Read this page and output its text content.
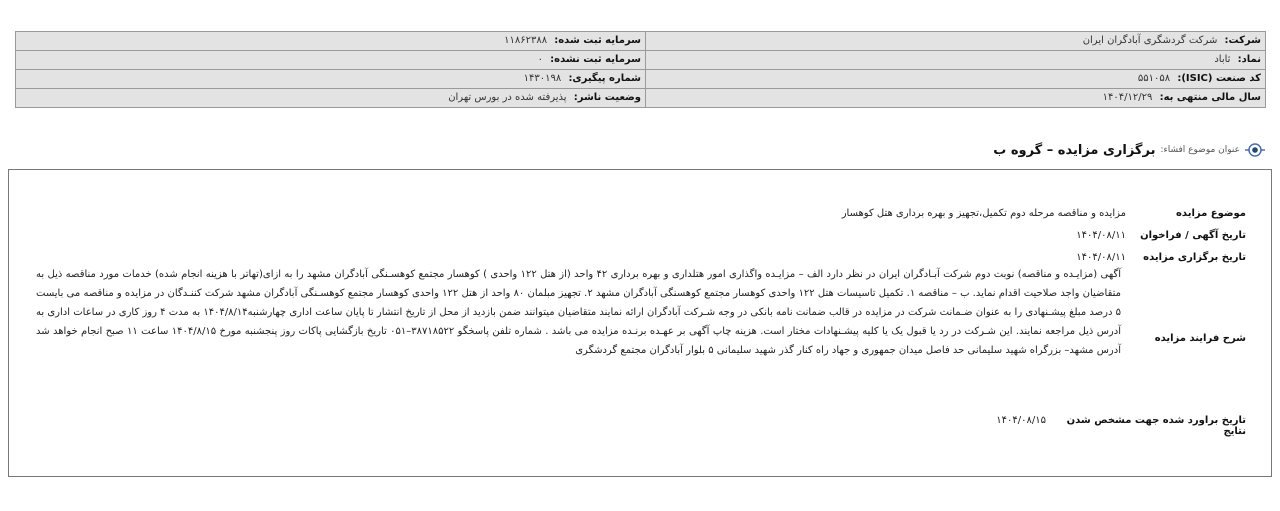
شرکت: شرکت گردشگری آبادگران ایران	سرمایه ثبت شده: ۱۱۸۶۲۳۸۸
نماد: ثاباد	سرمایه ثبت نشده: ۰
کد صنعت (ISIC): ۵۵۱۰۵۸	شماره پیگیری: ۱۴۳۰۱۹۸
سال مالی منتهی به: ۱۴۰۴/۱۲/۲۹	وضعیت ناشر: پذیرفته شده در بورس تهران
عنوان موضوع افشاء:
برگزاری مزایده – گروه ب
موضوع مزایده
مزایده و مناقصه مرحله دوم تکمیل،تجهیز و بهره برداری هتل کوهسار
تاریخ آگهی / فراخوان
۱۴۰۴/۰۸/۱۱
تاریخ برگزاری مزایده
۱۴۰۴/۰۸/۱۱
شرح فرایند مزایده
آگهی (مزایـده و مناقصه) نوبت دوم شرکت آبـادگران ایران در نظر دارد الف – مزایـده واگذاری امور هتلداری و بهره برداری ۴۲ واحد (از هتل ۱۲۲ واحدی ) کوهسار مجتمع کوهسـنگی آبادگران مشهد را به ازای(تهاتر با هزینه انجام شده) خدمات مورد مناقصه ذیل به متقاضیان واجد صلاحیت اقدام نماید. ب – مناقصه ۱. تکمیل تاسیسات هتل ۱۲۲ واحدی کوهسار مجتمع کوهسنگی آبادگران مشهد ۲. تجهیز مبلمان ۸۰ واحد از هتل ۱۲۲ واحدی کوهسار مجتمع کوهسـنگی آبادگران مشهد شرکت کننـدگان در مزایده و مناقصه می بایست ۵ درصد مبلغ پیشـنهادی را به عنوان ضـمانت شرکت در مزایده در قالب ضمانت نامه بانکی در وجه شـرکت آبادگران ارائه نمایند متقاضیان میتوانند ضمن بازدید از محل از تاریخ انتشار تا پایان ساعت اداری چهارشنبه۱۴۰۴/۸/۱۴ به مدت ۴ روز کاری در ساعات اداری به آدرس ذیل مراجعه نمایند. این شـرکت در رد یا قبول یک یا کلیه پیشـنهادات مختار است. هزینه چاپ آگهی بر عهـده برنـده مزایده می باشد . شماره تلفن پاسخگو ۳۸۷۱۸۵۲۲–۰۵۱ تاریخ بازگشایی پاکات روز پنجشنبه مورخ ۱۴۰۴/۸/۱۵ ساعت ۱۱ صبح انجام خواهد شد آدرس مشهد– بزرگراه شهید سلیمانی حد فاصل میدان جمهوری و جهاد راه کنار گذر شهید سلیمانی ۵ بلوار آبادگران مجتمع گردشگری
تاریخ براورد شده جهت مشخص شدن نتایج
۱۴۰۴/۰۸/۱۵
